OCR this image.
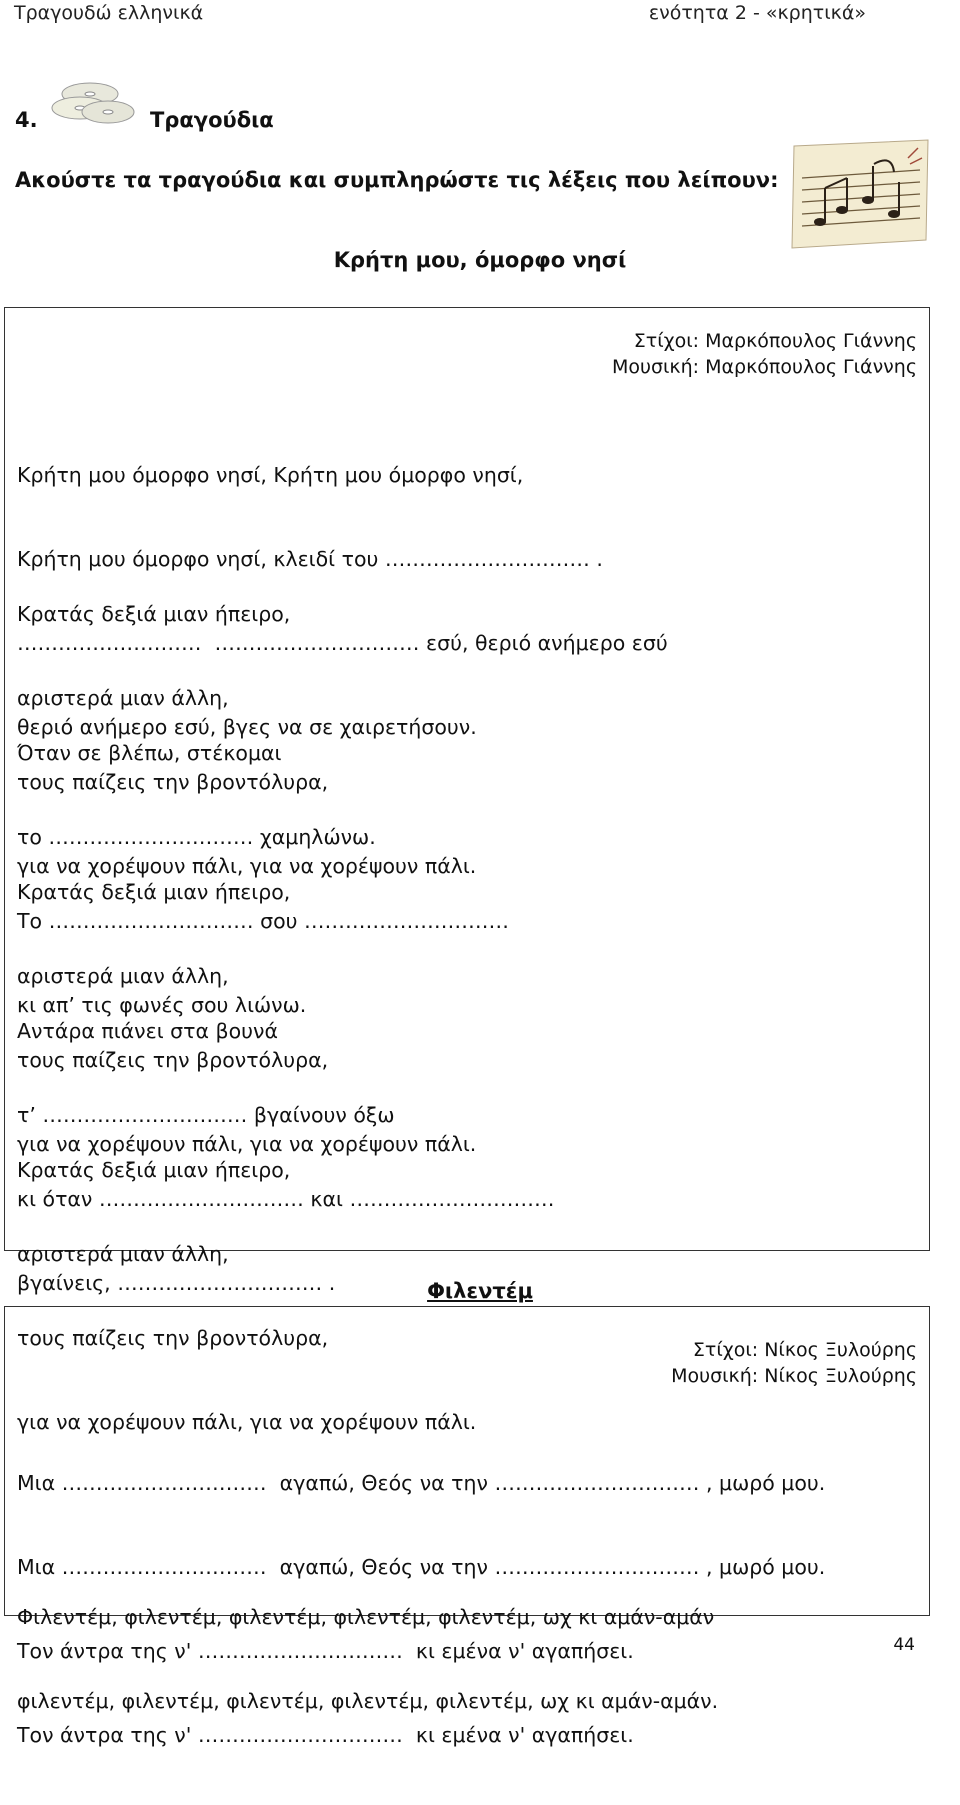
Τραγουδώ ελληνικά	ενότητα 2 - «κρητικά»
4.	Τραγούδια
Ακούστε τα τραγούδια και συμπληρώστε τις λέξεις που λείπουν:
Κρήτη μου, όμορφο νησί
Στίχοι: Μαρκόπουλος Γιάννης
Μουσική: Μαρκόπουλος Γιάννης

Κρήτη μου όμορφο νησί, Κρήτη μου όμορφο νησί,

Κρήτη μου όμορφο νησί, κλειδί του ………………………… .

………………………  ………………………… εσύ, θεριό ανήμερο εσύ

θεριό ανήμερο εσύ, βγες να σε χαιρετήσουν.

Κρατάς δεξιά μιαν ήπειρο,

αριστερά μιαν άλλη,

τους παίζεις την βροντόλυρα,

για να χορέψουν πάλι, για να χορέψουν πάλι.

Όταν σε βλέπω, στέκομαι

το ………………………… χαμηλώνω.

Το ………………………… σου …………………………

κι απ’ τις φωνές σου λιώνω.

Κρατάς δεξιά μιαν ήπειρο,

αριστερά μιαν άλλη,

τους παίζεις την βροντόλυρα,

για να χορέψουν πάλι, για να χορέψουν πάλι.

Αντάρα πιάνει στα βουνά

τ’ ………………………… βγαίνουν όξω

κι όταν ………………………… και …………………………

βγαίνεις, ………………………… .

Κρατάς δεξιά μιαν ήπειρο,

αριστερά μιαν άλλη,

τους παίζεις την βροντόλυρα,

για να χορέψουν πάλι, για να χορέψουν πάλι.

Φιλεντέμ
Στίχοι: Νίκος Ξυλούρης
Μουσική: Νίκος Ξυλούρης

Μια …………………………  αγαπώ, Θεός να την ………………………… , μωρό μου.

Μια …………………………  αγαπώ, Θεός να την ………………………… , μωρό μου.

Τον άντρα της ν' …………………………  κι εμένα ν' αγαπήσει.

Τον άντρα της ν' …………………………  κι εμένα ν' αγαπήσει.

Φιλεντέμ, φιλεντέμ, φιλεντέμ, φιλεντέμ, φιλεντέμ, ωχ κι αμάν-αμάν

φιλεντέμ, φιλεντέμ, φιλεντέμ, φιλεντέμ, φιλεντέμ, ωχ κι αμάν-αμάν.

44
